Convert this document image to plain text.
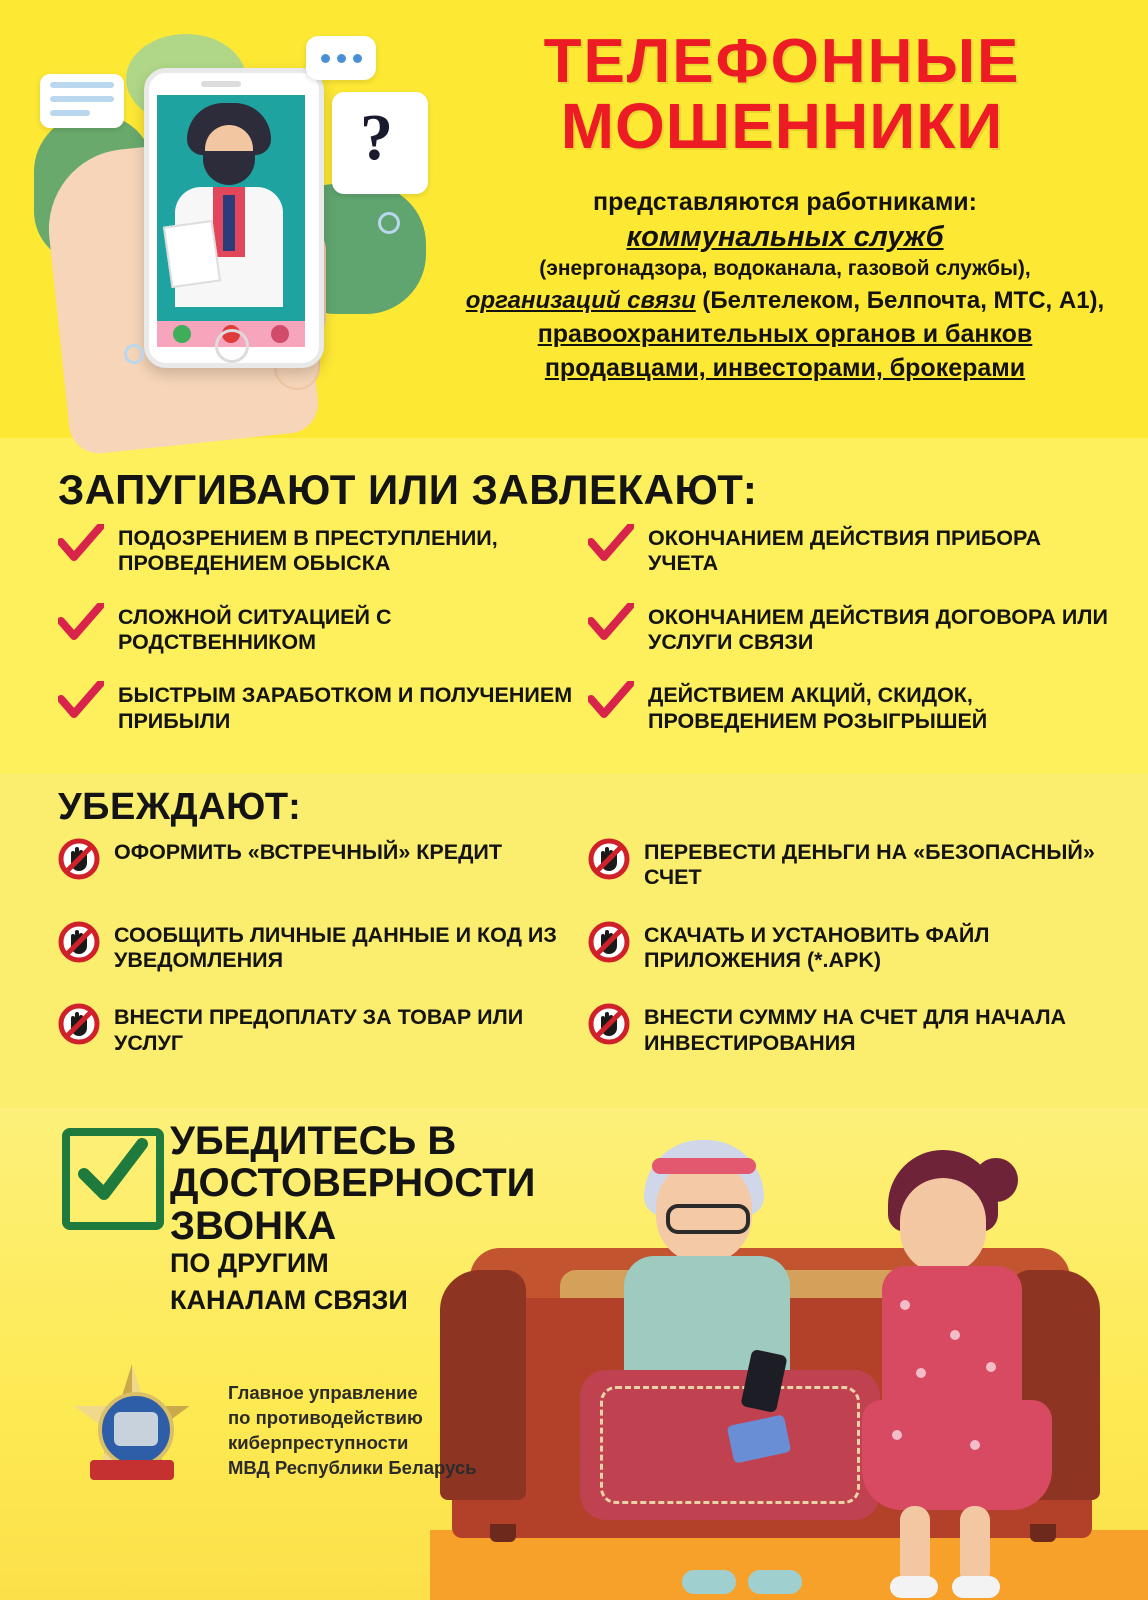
?
ТЕЛЕФОННЫЕ
МОШЕННИКИ
представляются работниками:
коммунальных служб
(энергонадзора, водоканала, газовой службы),
организаций связи (Белтелеком, Белпочта, МТС, А1),
правоохранительных органов и банков
продавцами, инвесторами, брокерами
ЗАПУГИВАЮТ ИЛИ ЗАВЛЕКАЮТ:
ПОДОЗРЕНИЕМ В ПРЕСТУПЛЕНИИ, ПРОВЕДЕНИЕМ ОБЫСКА
ОКОНЧАНИЕМ ДЕЙСТВИЯ ПРИБОРА УЧЕТА
СЛОЖНОЙ СИТУАЦИЕЙ С РОДСТВЕННИКОМ
ОКОНЧАНИЕМ ДЕЙСТВИЯ ДОГОВОРА ИЛИ УСЛУГИ СВЯЗИ
БЫСТРЫМ ЗАРАБОТКОМ И ПОЛУЧЕНИЕМ ПРИБЫЛИ
ДЕЙСТВИЕМ АКЦИЙ, СКИДОК, ПРОВЕДЕНИЕМ РОЗЫГРЫШЕЙ
УБЕЖДАЮТ:
ОФОРМИТЬ «ВСТРЕЧНЫЙ» КРЕДИТ	ПЕРЕВЕСТИ ДЕНЬГИ НА «БЕЗОПАСНЫЙ» СЧЕТ
СООБЩИТЬ ЛИЧНЫЕ ДАННЫЕ И КОД ИЗ УВЕДОМЛЕНИЯ
СКАЧАТЬ И УСТАНОВИТЬ ФАЙЛ ПРИЛОЖЕНИЯ (*.APK)
ВНЕСТИ ПРЕДОПЛАТУ ЗА ТОВАР ИЛИ УСЛУГ
ВНЕСТИ СУММУ НА СЧЕТ ДЛЯ НАЧАЛА ИНВЕСТИРОВАНИЯ
УБЕДИТЕСЬ В ДОСТОВЕРНОСТИ ЗВОНКА
ПО ДРУГИМ
КАНАЛАМ СВЯЗИ
Главное управление
по противодействию
киберпреступности
МВД Республики Беларусь
